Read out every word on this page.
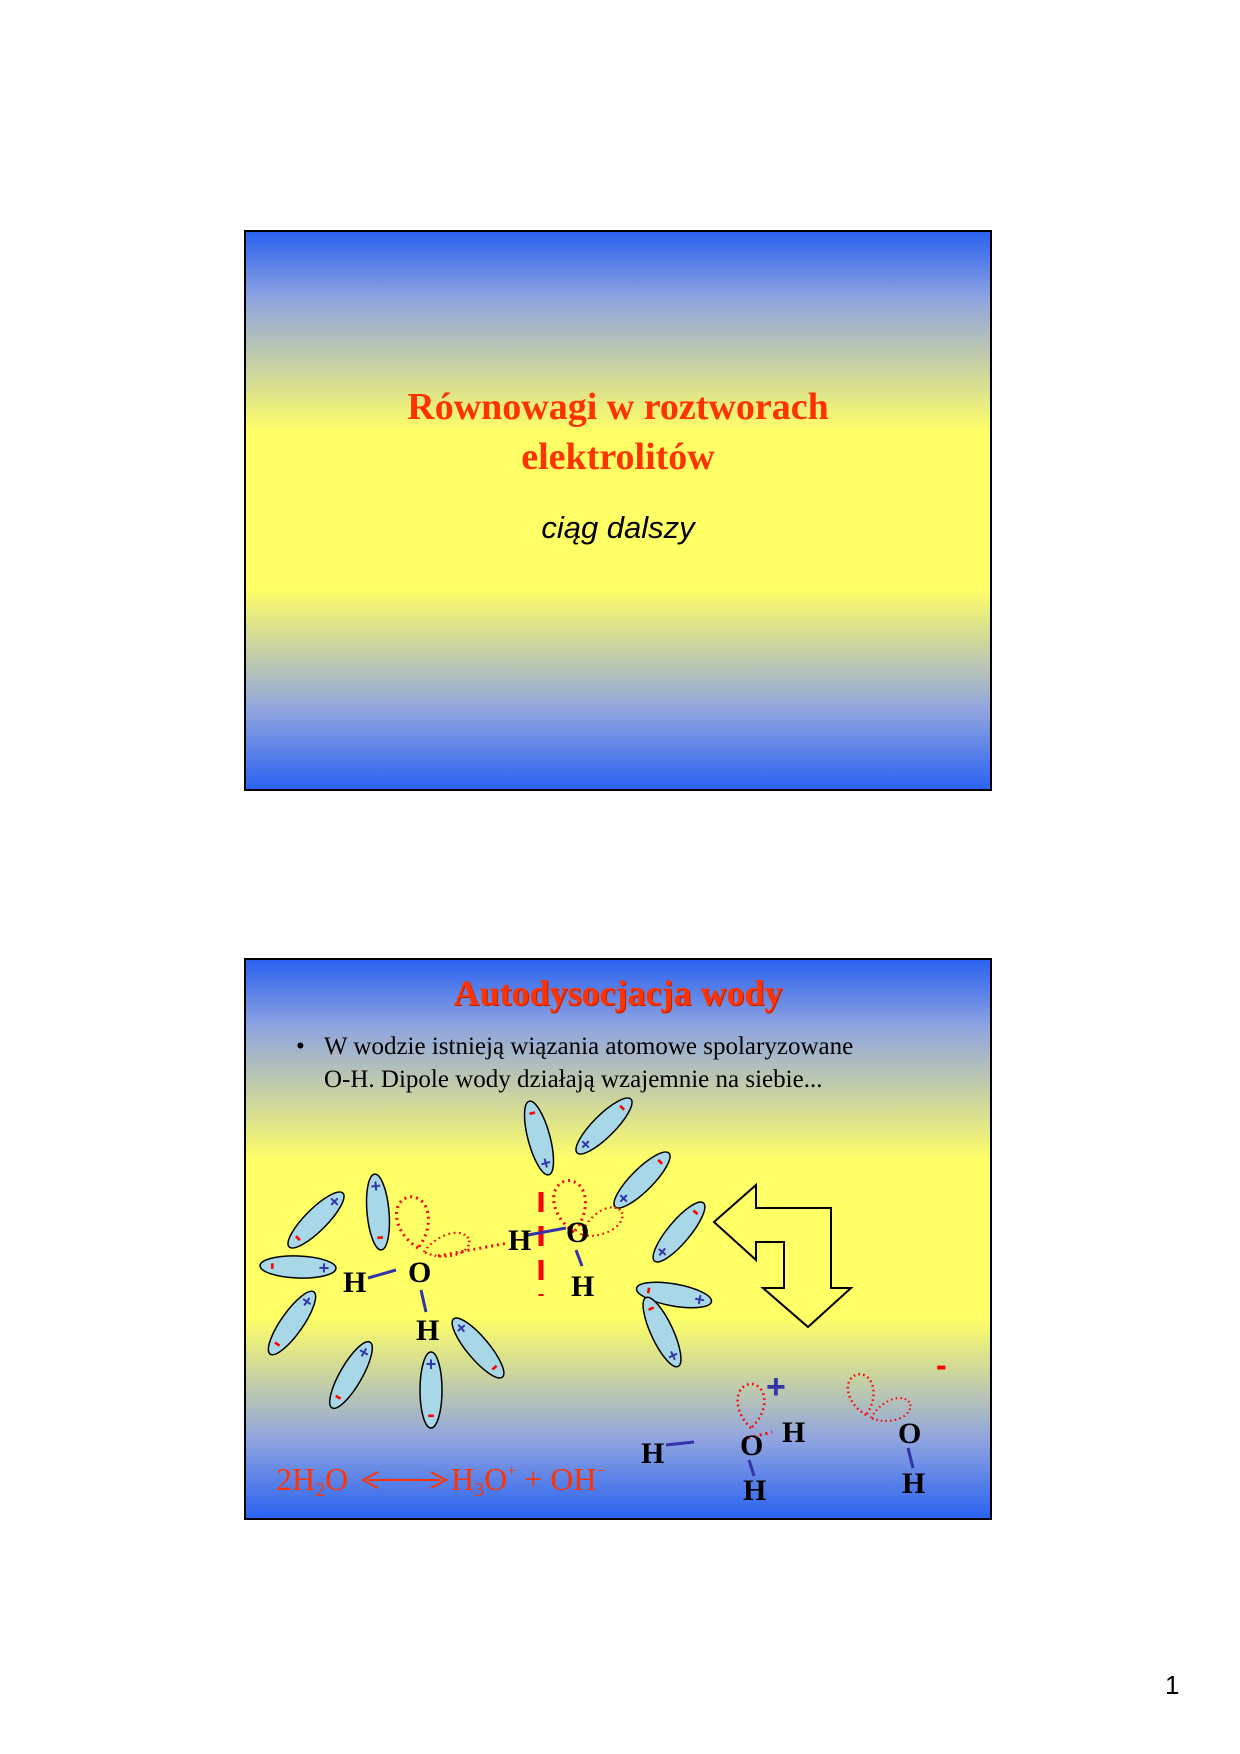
Równowagi w roztworach
elektrolitów
ciąg dalszy
Autodysocjacja wody
• W wodzie istnieją wiązania atomowe spolaryzowane
O-H. Dipole wody działają wzajemnie na siebie...
-
+
O
H
H
O
H
H
O
H
H
H
+
O
H
-
2H2O	H3O+ + OH−
1
